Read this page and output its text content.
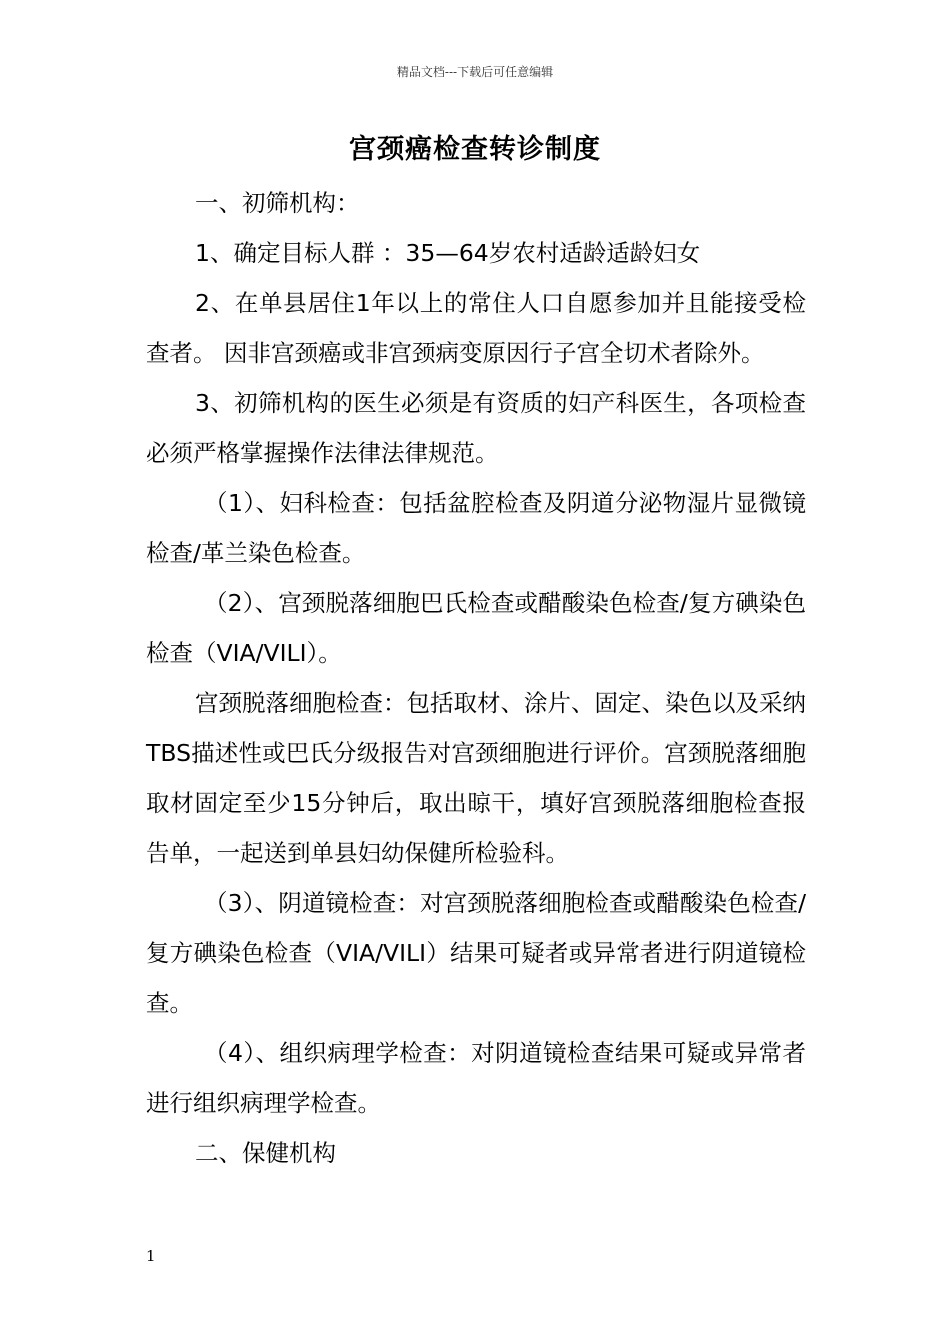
精品文档---下载后可任意编辑
宫颈癌检查转诊制度

一、初筛机构：

1、确定目标人群 ：35—64岁农村适龄适龄妇女

2、在单县居住1年以上的常住人口自愿参加并且能接受检查者。 因非宫颈癌或非宫颈病变原因行子宫全切术者除外。

3、初筛机构的医生必须是有资质的妇产科医生，各项检查必须严格掌握操作法律法律规范。

（1）、妇科检查：包括盆腔检查及阴道分泌物湿片显微镜检查/革兰染色检查。

（2）、宫颈脱落细胞巴氏检查或醋酸染色检查/复方碘染色检查（VIA/VILI）。

宫颈脱落细胞检查：包括取材、涂片、固定、染色以及采纳TBS描述性或巴氏分级报告对宫颈细胞进行评价。宫颈脱落细胞取材固定至少15分钟后，取出晾干，填好宫颈脱落细胞检查报告单，一起送到单县妇幼保健所检验科。

（3）、阴道镜检查：对宫颈脱落细胞检查或醋酸染色检查/复方碘染色检查（VIA/VILI）结果可疑者或异常者进行阴道镜检查。

（4）、组织病理学检查：对阴道镜检查结果可疑或异常者进行组织病理学检查。

二、保健机构

1
